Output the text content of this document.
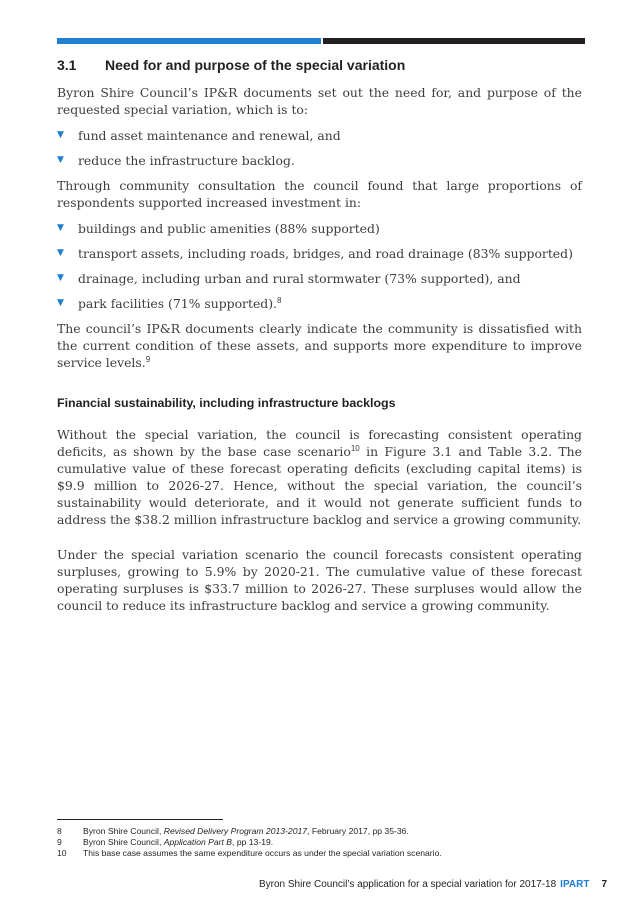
3.1 Need for and purpose of the special variation

Byron Shire Council’s IP&R documents set out the need for, and purpose of the requested special variation, which is to:

▼ fund asset maintenance and renewal, and
▼ reduce the infrastructure backlog.

Through community consultation the council found that large proportions of respondents supported increased investment in:

▼ buildings and public amenities (88% supported)
▼ transport assets, including roads, bridges, and road drainage (83% supported)
▼ drainage, including urban and rural stormwater (73% supported), and
▼ park facilities (71% supported).$^8$

The council’s IP&R documents clearly indicate the community is dissatisfied with the current condition of these assets, and supports more expenditure to improve service levels.$^9$

Financial sustainability, including infrastructure backlogs

Without the special variation, the council is forecasting consistent operating deficits, as shown by the base case scenario$^{10}$ in Figure 3.1 and Table 3.2. The cumulative value of these forecast operating deficits (excluding capital items) is $9.9 million to 2026-27. Hence, without the special variation, the council’s sustainability would deteriorate, and it would not generate sufficient funds to address the $38.2 million infrastructure backlog and service a growing community.

Under the special variation scenario the council forecasts consistent operating surpluses, growing to 5.9% by 2020-21. The cumulative value of these forecast operating surpluses is $33.7 million to 2026-27. These surpluses would allow the council to reduce its infrastructure backlog and service a growing community.

8	Byron Shire Council, Revised Delivery Program 2013-2017, February 2017, pp 35-36.
9	Byron Shire Council, Application Part B, pp 13-19.
10	This base case assumes the same expenditure occurs as under the special variation scenario.
Byron Shire Council’s application for a special variation for 2017-18 IPART 7
